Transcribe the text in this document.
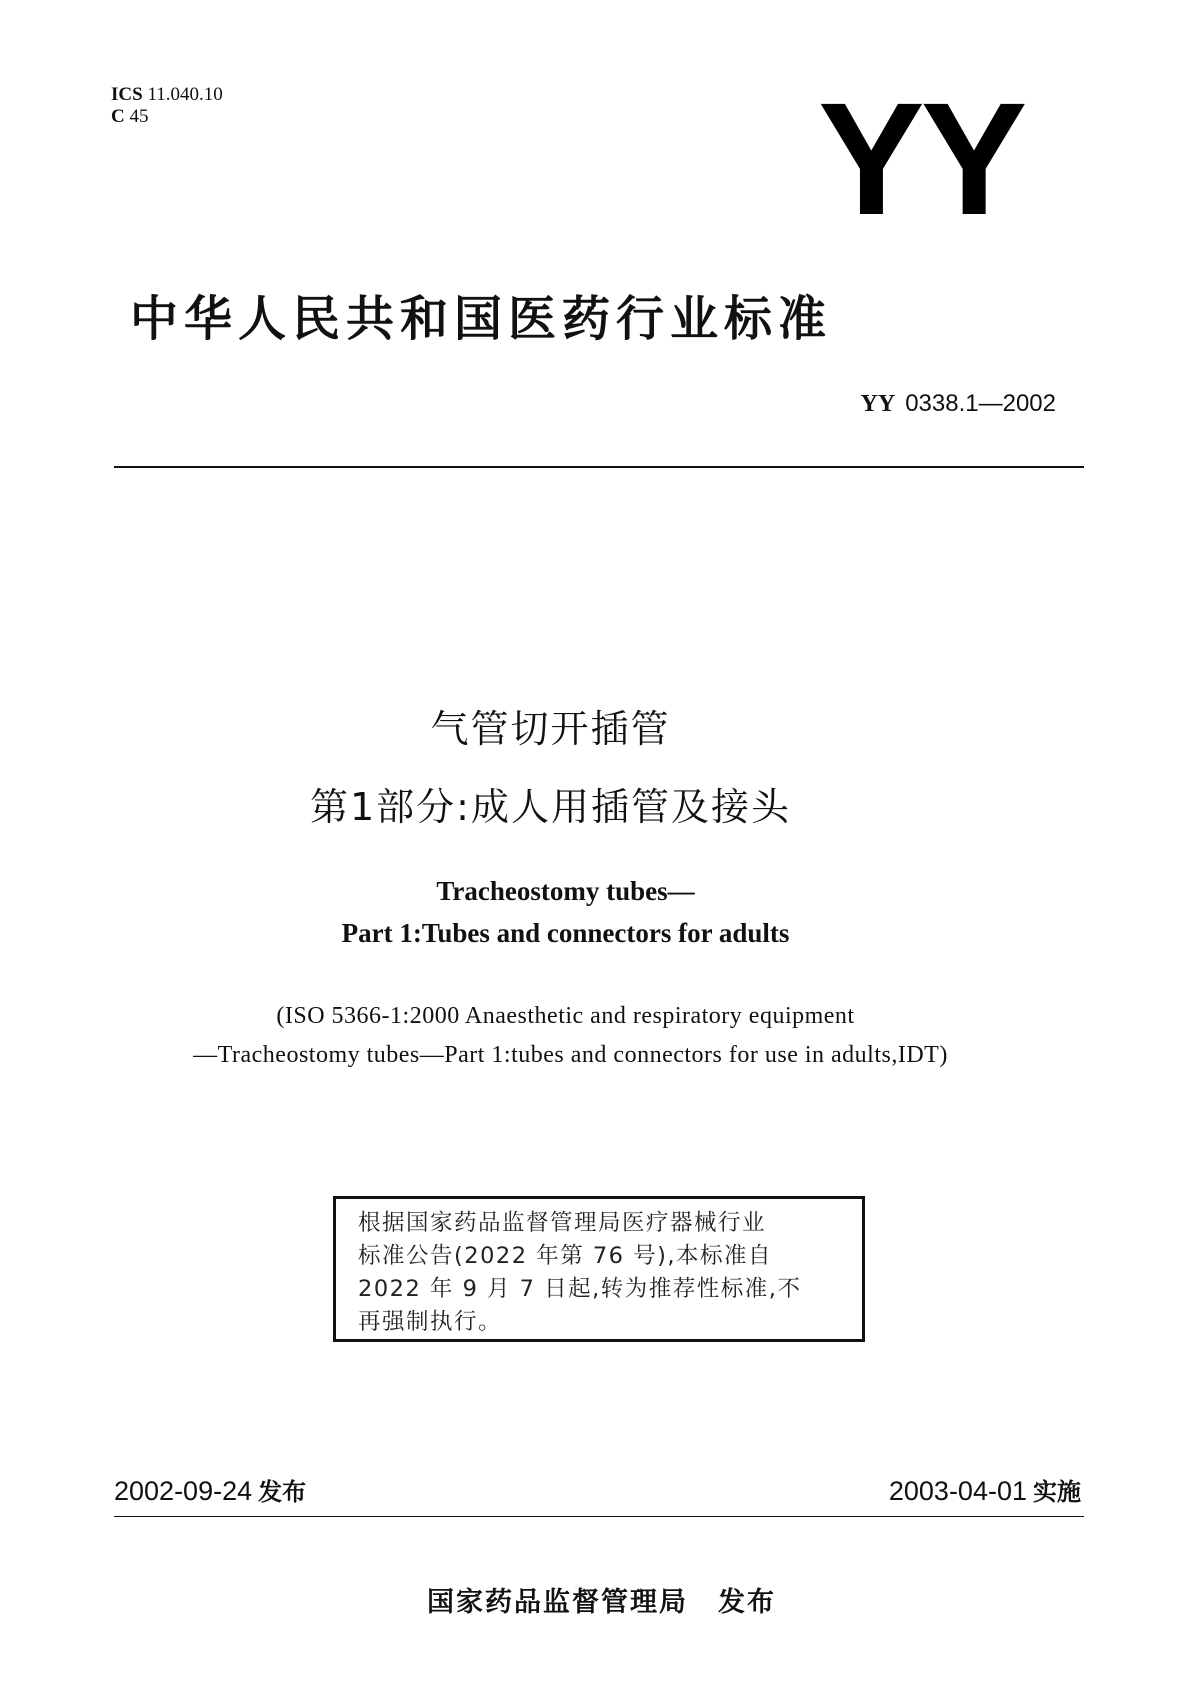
ICS 11.040.10
C 45	YY
中华人民共和国医药行业标准
YY 0338.1—2002
气管切开插管
第1部分:成人用插管及接头
Tracheostomy tubes—
Part 1:Tubes and connectors for adults
(ISO 5366-1:2000 Anaesthetic and respiratory equipment
—Tracheostomy tubes—Part 1:tubes and connectors for use in adults,IDT)
根据国家药品监督管理局医疗器械行业
标准公告(2022 年第 76 号),本标准自
2022 年 9 月 7 日起,转为推荐性标准,不
再强制执行。
2002-09-24 发布	2003-04-01 实施
国家药品监督管理局 发布
